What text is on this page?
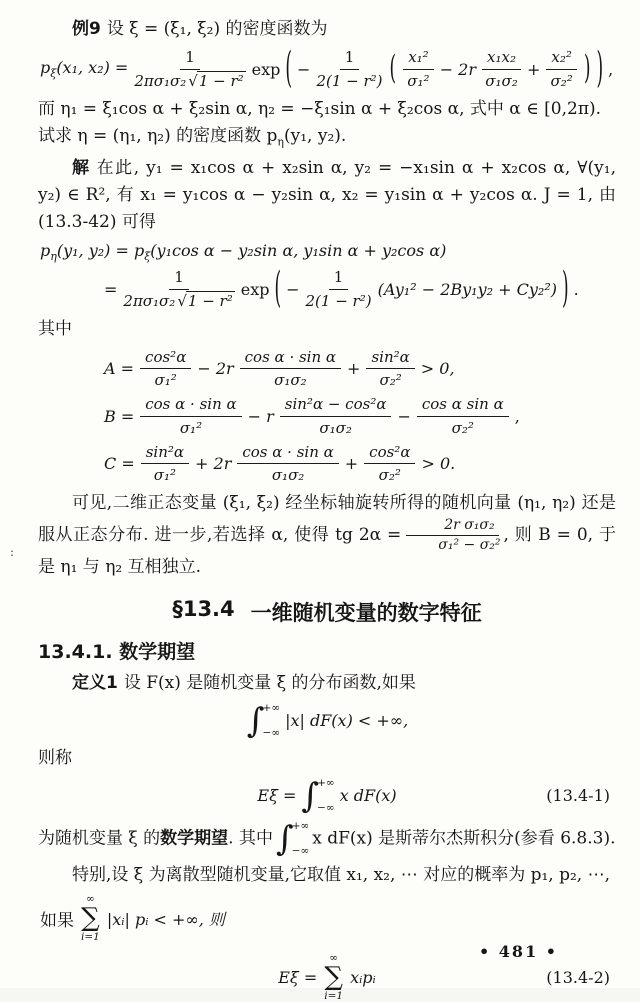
例9 设 ξ = (ξ₁, ξ₂) 的密度函数为

$p_\xi(x_1$, $x_2) = \frac{1}{\text{2πσ₁σ₂ √1 − r²}}$ exp ( − $\frac{1}{\text{2(1 − r²)}}$ ( $\frac{\text{x₁²}}{\text{σ₁²}} - 2r \frac{\text{x₁x₂}}{\text{σ₁σ₂}} + \frac{\text{x₂²}}{\text{σ₂²}}$ ) ) ,

而 η₁ = ξ₁cos α + ξ₂sin α, η₂ = −ξ₁sin α + ξ₂cos α, 式中 α ∈ [0,2π).

试求 η = (η₁, η₂) 的密度函数 $p_\eta(y_1$, y₂).

解 在此, y₁ = x₁cos α + x₂sin α, y₂ = −x₁sin α + x₂cos α, ∀(y₁, y₂) ∈ R², 有 x₁ = y₁cos α − y₂sin α, x₂ = y₁sin α + y₂cos α. J = 1, 由 (13.3-42) 可得

$p_\eta(y_1$, $y_2) = p_\xi(y_1\cos$ α − y₂sin α, y₁sin α + y₂cos α)
= $\frac{1}{\text{2πσ₁σ₂ √1 − r²}}$ exp ( − $\frac{1}{\text{2(1 − r²)}} (Ay_1^2 - 2By_1y_2 + Cy_2^2)$ ) .

其中

$A = \frac{\text{cos²α}}{\text{σ₁²}} - 2r \frac{\text{cos α · sin α}}{\text{σ₁σ₂}} + \frac{\text{sin²α}}{\text{σ₂²}} > 0$,
$B = \frac{\text{cos α · sin α}}{\text{σ₁²}} - r \frac{\text{sin²α − cos²α}}{\text{σ₁σ₂}} - \frac{\text{cos α sin α}}{\text{σ₂²}}$ ,
$C = \frac{\text{sin²α}}{\text{σ₁²}} + 2r \frac{\text{cos α · sin α}}{\text{σ₁σ₂}} + \frac{\text{cos²α}}{\text{σ₂²}} > 0$.

可见,二维正态变量 (ξ₁, ξ₂) 经坐标轴旋转所得的随机向量 (η₁, η₂) 还是服从正态分布. 进一步,若选择 α, 使得 tg $2\alpha = \frac{\text{2r σ₁σ₂}}{\text{σ₁² − σ₂²}}$ , 则 B = 0, 于是 η₁ 与 η₂ 互相独立.

§13.4 一维随机变量的数字特征
13.4.1. 数学期望

定义1 设 F(x) 是随机变量 ξ 的分布函数,如果

∫
+∞
−∞
|x| dF(x) < +∞,

则称

Eξ = ∫
+∞
−∞
x dF(x)	(13.4-1)

为随机变量 ξ 的数学期望. 其中 ∫
+∞
−∞
x dF(x) 是斯蒂尔杰斯积分(参看 6.8.3).

特别,设 ξ 为离散型随机变量,它取值 x₁, x₂, ⋯ 对应的概率为 p₁, p₂, ⋯,

如果
∞
∑
i=1
|xᵢ| pᵢ < +∞, 则
Eξ =
∞
∑
i=1
xᵢpᵢ	(13.4-2)
• 481 •
:
